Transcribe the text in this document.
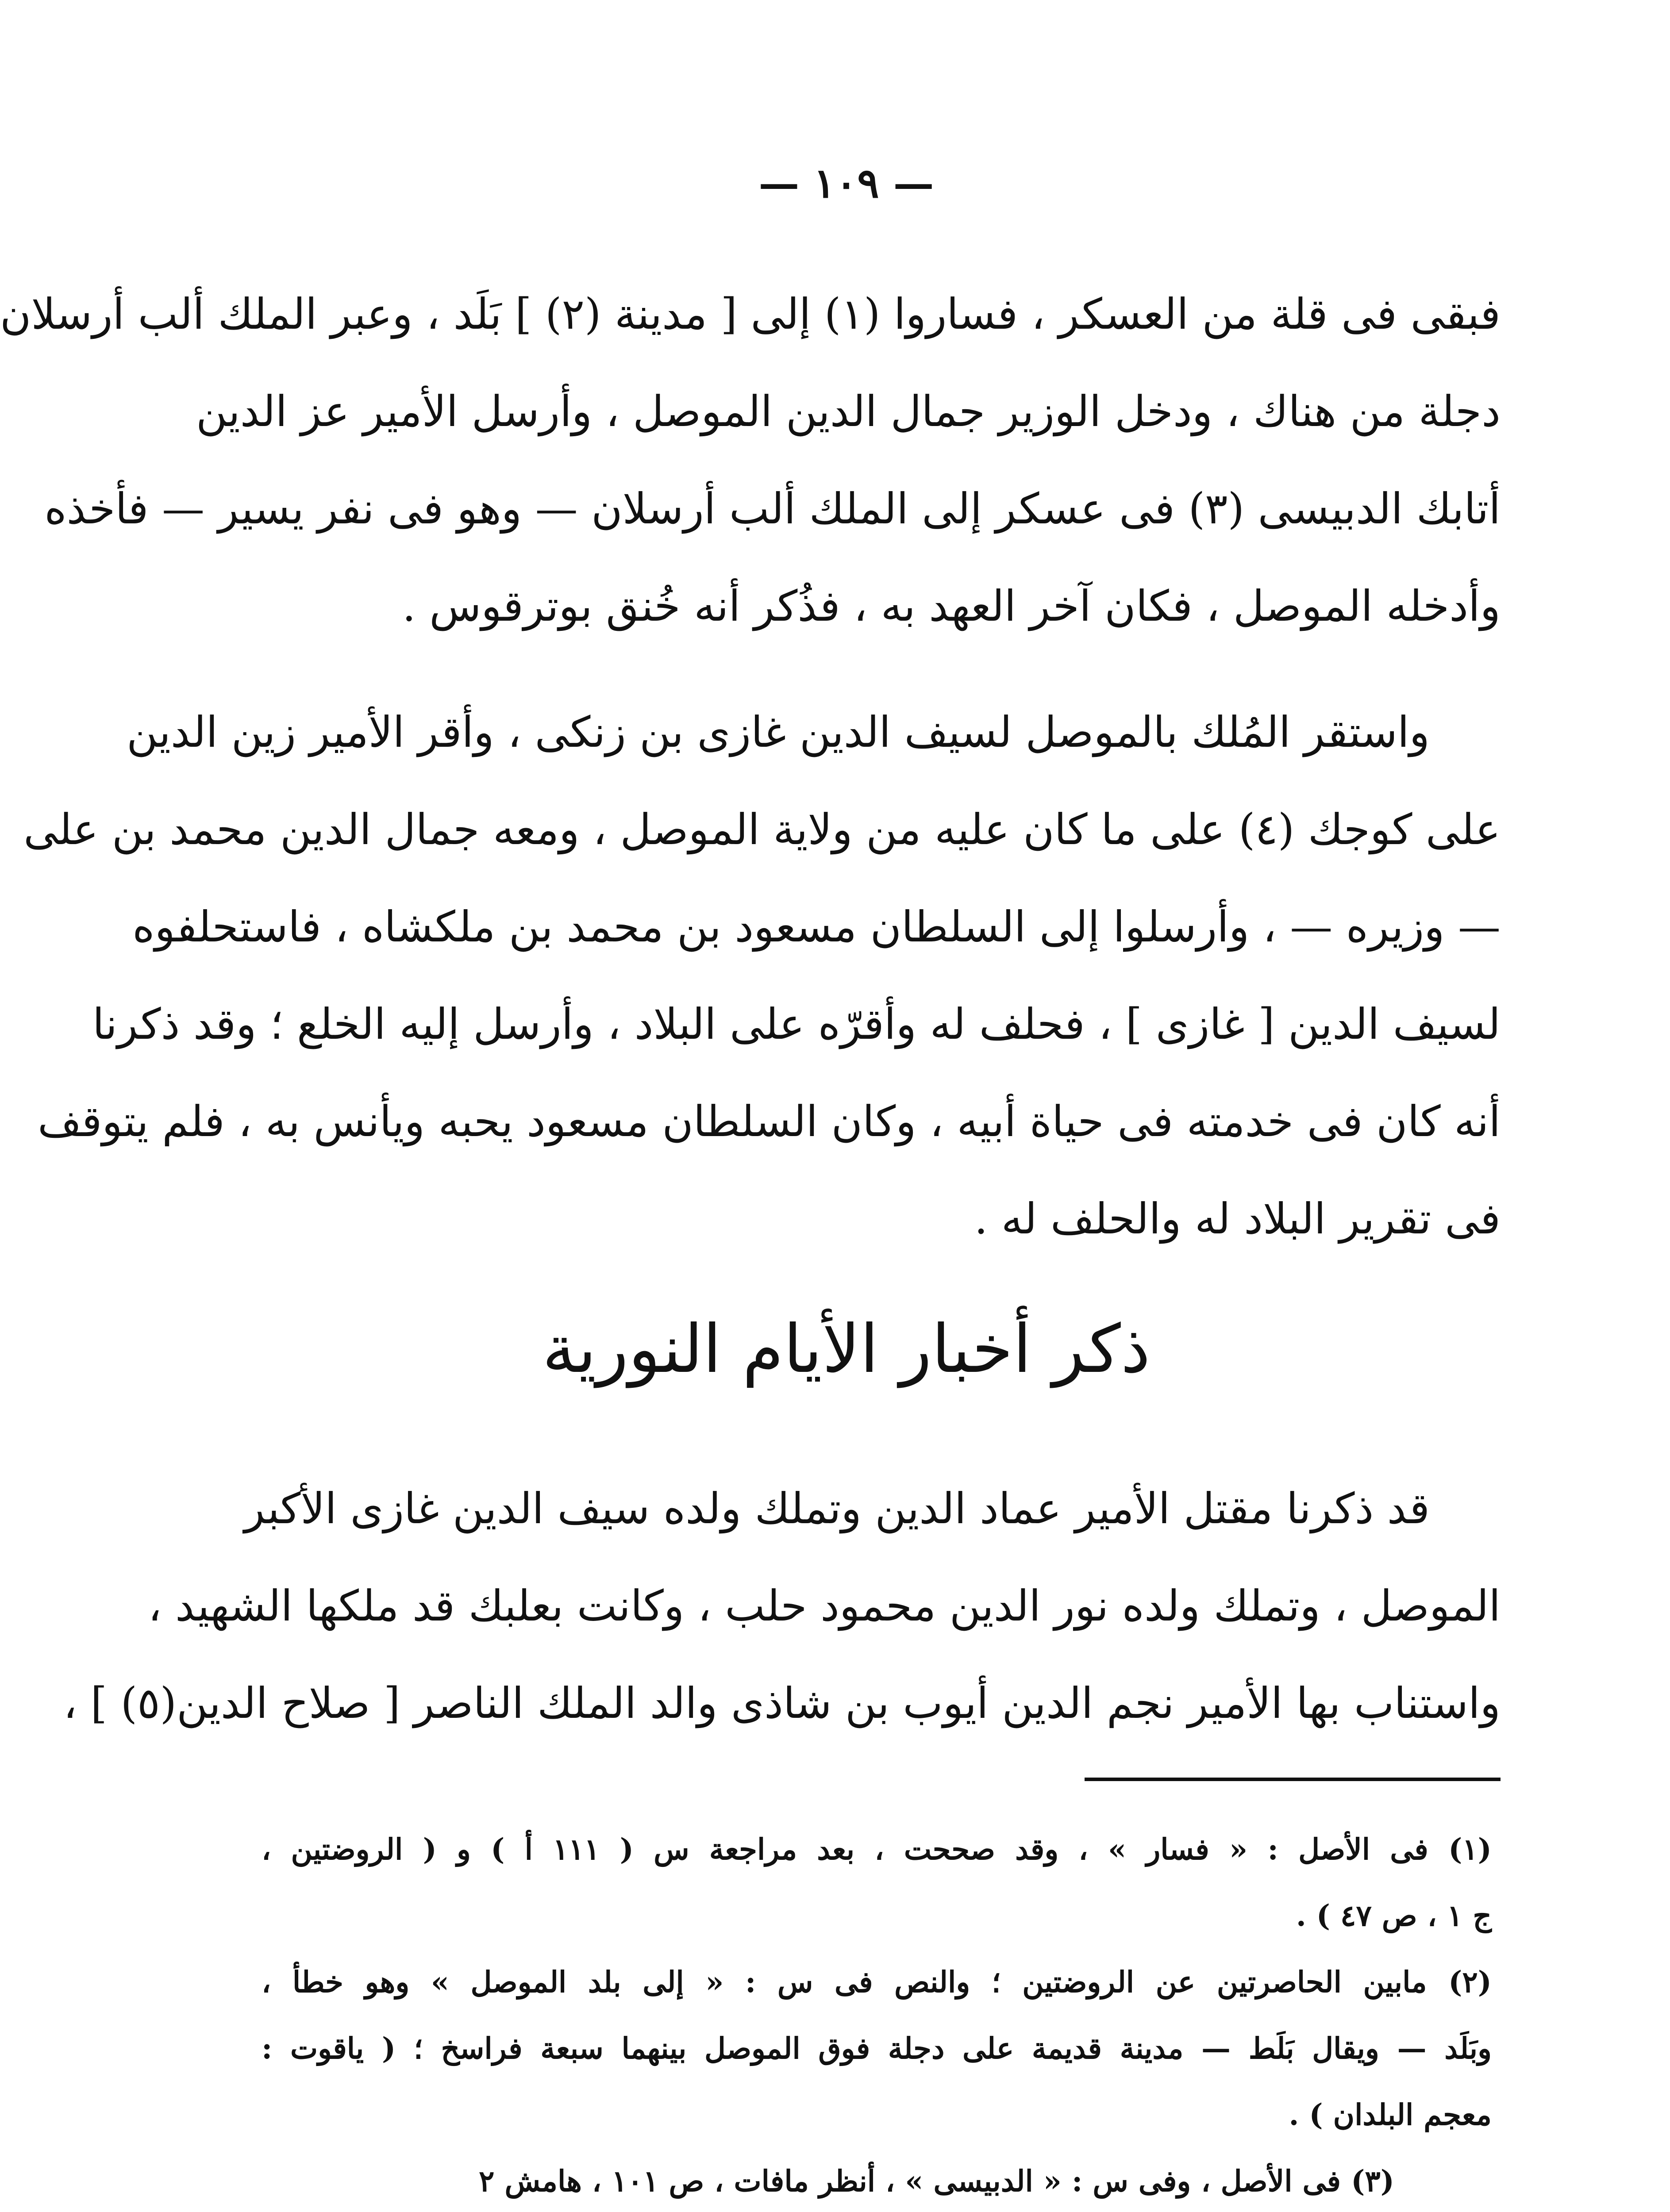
— ١٠٩ —
فبقى فى قلة من العسكر ، فساروا (١) إلى [ مدينة (٢) ] بَلَد ، وعبر الملك ألب أرسلان
دجلة من هناك ، ودخل الوزير جمال الدين الموصل ، وأرسل الأمير عز الدين
أتابك الدبيسى (٣) فى عسكر إلى الملك ألب أرسلان — وهو فى نفر يسير — فأخذه
وأدخله الموصل ، فكان آخر العهد به ، فذُكر أنه خُنق بوترقوس .
واستقر المُلك بالموصل لسيف الدين غازى بن زنكى ، وأقر الأمير زين الدين
على كوجك (٤) على ما كان عليه من ولاية الموصل ، ومعه جمال الدين محمد بن على
— وزيره — ، وأرسلوا إلى السلطان مسعود بن محمد بن ملكشاه ، فاستحلفوه
لسيف الدين [ غازى ] ، فحلف له وأقرّه على البلاد ، وأرسل إليه الخلع ؛ وقد ذكرنا
أنه كان فى خدمته فى حياة أبيه ، وكان السلطان مسعود يحبه ويأنس به ، فلم يتوقف
فى تقرير البلاد له والحلف له .
ذكر أخبار الأيام النورية
قد ذكرنا مقتل الأمير عماد الدين وتملك ولده سيف الدين غازى الأكبر
الموصل ، وتملك ولده نور الدين محمود حلب ، وكانت بعلبك قد ملكها الشهيد ،
واستناب بها الأمير نجم الدين أيوب بن شاذى والد الملك الناصر [ صلاح الدين(٥) ] ،
(١) فى الأصل : « فسار » ، وقد صححت ، بعد مراجعة س ( ١١١ أ ) و ( الروضتين ،
ج ١ ، ص ٤٧ ) .
(٢) مابين الحاصرتين عن الروضتين ؛ والنص فى س : « إلى بلد الموصل » وهو خطأ ،
وبَلَد — ويقال بَلَط — مدينة قديمة على دجلة فوق الموصل بينهما سبعة فراسخ ؛ ( ياقوت :
معجم البلدان ) .
(٣) فى الأصل ، وفى س : « الدبيسى » ، أنظر مافات ، ص ١٠١ ، هامش ٢
